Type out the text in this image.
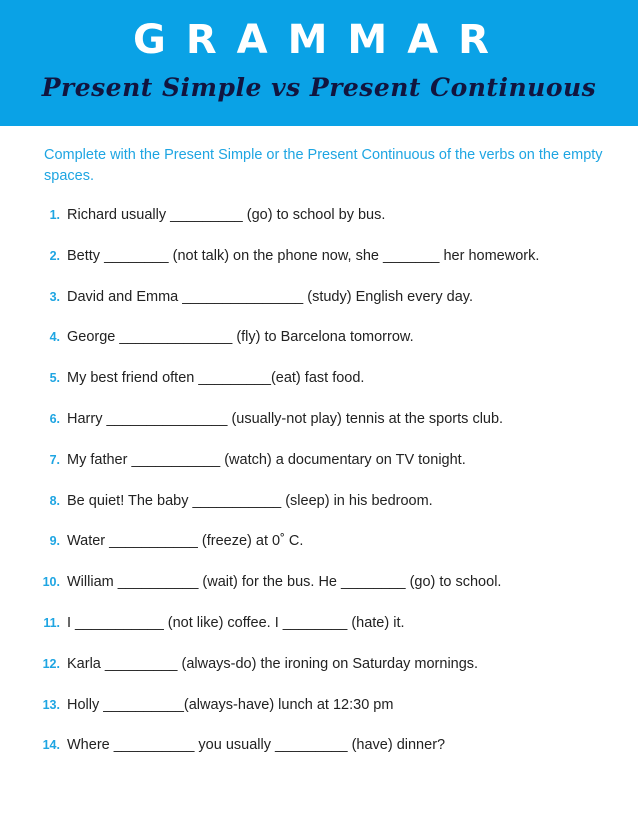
GRAMMAR
Present Simple vs Present Continuous
Complete with the Present Simple or the Present Continuous of the verbs on the empty spaces.
1. Richard usually _________ (go) to school by bus.
2. Betty ________ (not talk) on the phone now, she _______ her homework.
3. David and Emma _______________ (study) English every day.
4. George ______________ (fly) to Barcelona tomorrow.
5. My best friend often _________(eat) fast food.
6. Harry _______________ (usually-not play) tennis at the sports club.
7. My father ___________ (watch) a documentary on TV tonight.
8. Be quiet! The baby ___________ (sleep) in his bedroom.
9. Water ___________ (freeze) at 0˚ C.
10. William __________ (wait) for the bus. He ________ (go) to school.
11. I ___________ (not like) coffee. I ________ (hate) it.
12. Karla _________ (always-do) the ironing on Saturday mornings.
13. Holly __________(always-have) lunch at 12:30 pm
14. Where __________ you usually _________ (have) dinner?
